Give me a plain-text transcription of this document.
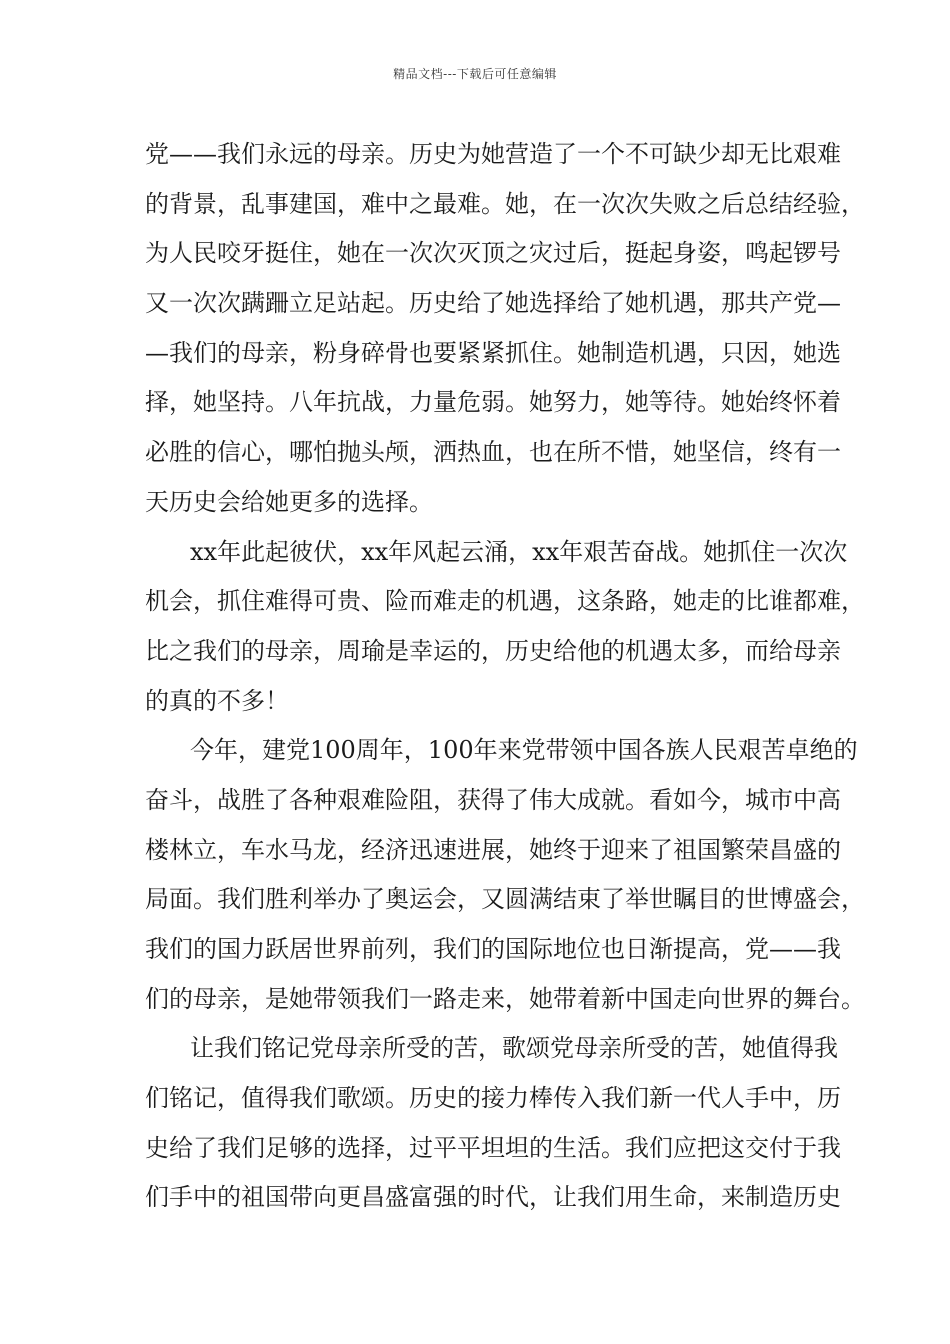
精品文档---下载后可任意编辑
党——我们永远的母亲。历史为她营造了一个不可缺少却无比艰难
的背景，乱事建国，难中之最难。她，在一次次失败之后总结经验，
为人民咬牙挺住，她在一次次灭顶之灾过后，挺起身姿，鸣起锣号
又一次次蹒跚立足站起。历史给了她选择给了她机遇，那共产党—
—我们的母亲，粉身碎骨也要紧紧抓住。她制造机遇，只因，她选
择，她坚持。八年抗战，力量危弱。她努力，她等待。她始终怀着
必胜的信心，哪怕抛头颅，洒热血，也在所不惜，她坚信，终有一
天历史会给她更多的选择。
xx年此起彼伏，xx年风起云涌，xx年艰苦奋战。她抓住一次次
机会，抓住难得可贵、险而难走的机遇，这条路，她走的比谁都难，
比之我们的母亲，周瑜是幸运的，历史给他的机遇太多，而给母亲
的真的不多！
今年，建党100周年，100年来党带领中国各族人民艰苦卓绝的
奋斗，战胜了各种艰难险阻，获得了伟大成就。看如今，城市中高
楼林立，车水马龙，经济迅速进展，她终于迎来了祖国繁荣昌盛的
局面。我们胜利举办了奥运会，又圆满结束了举世瞩目的世博盛会，
我们的国力跃居世界前列，我们的国际地位也日渐提高，党——我
们的母亲，是她带领我们一路走来，她带着新中国走向世界的舞台。
让我们铭记党母亲所受的苦，歌颂党母亲所受的苦，她值得我
们铭记，值得我们歌颂。历史的接力棒传入我们新一代人手中，历
史给了我们足够的选择，过平平坦坦的生活。我们应把这交付于我
们手中的祖国带向更昌盛富强的时代，让我们用生命，来制造历史
